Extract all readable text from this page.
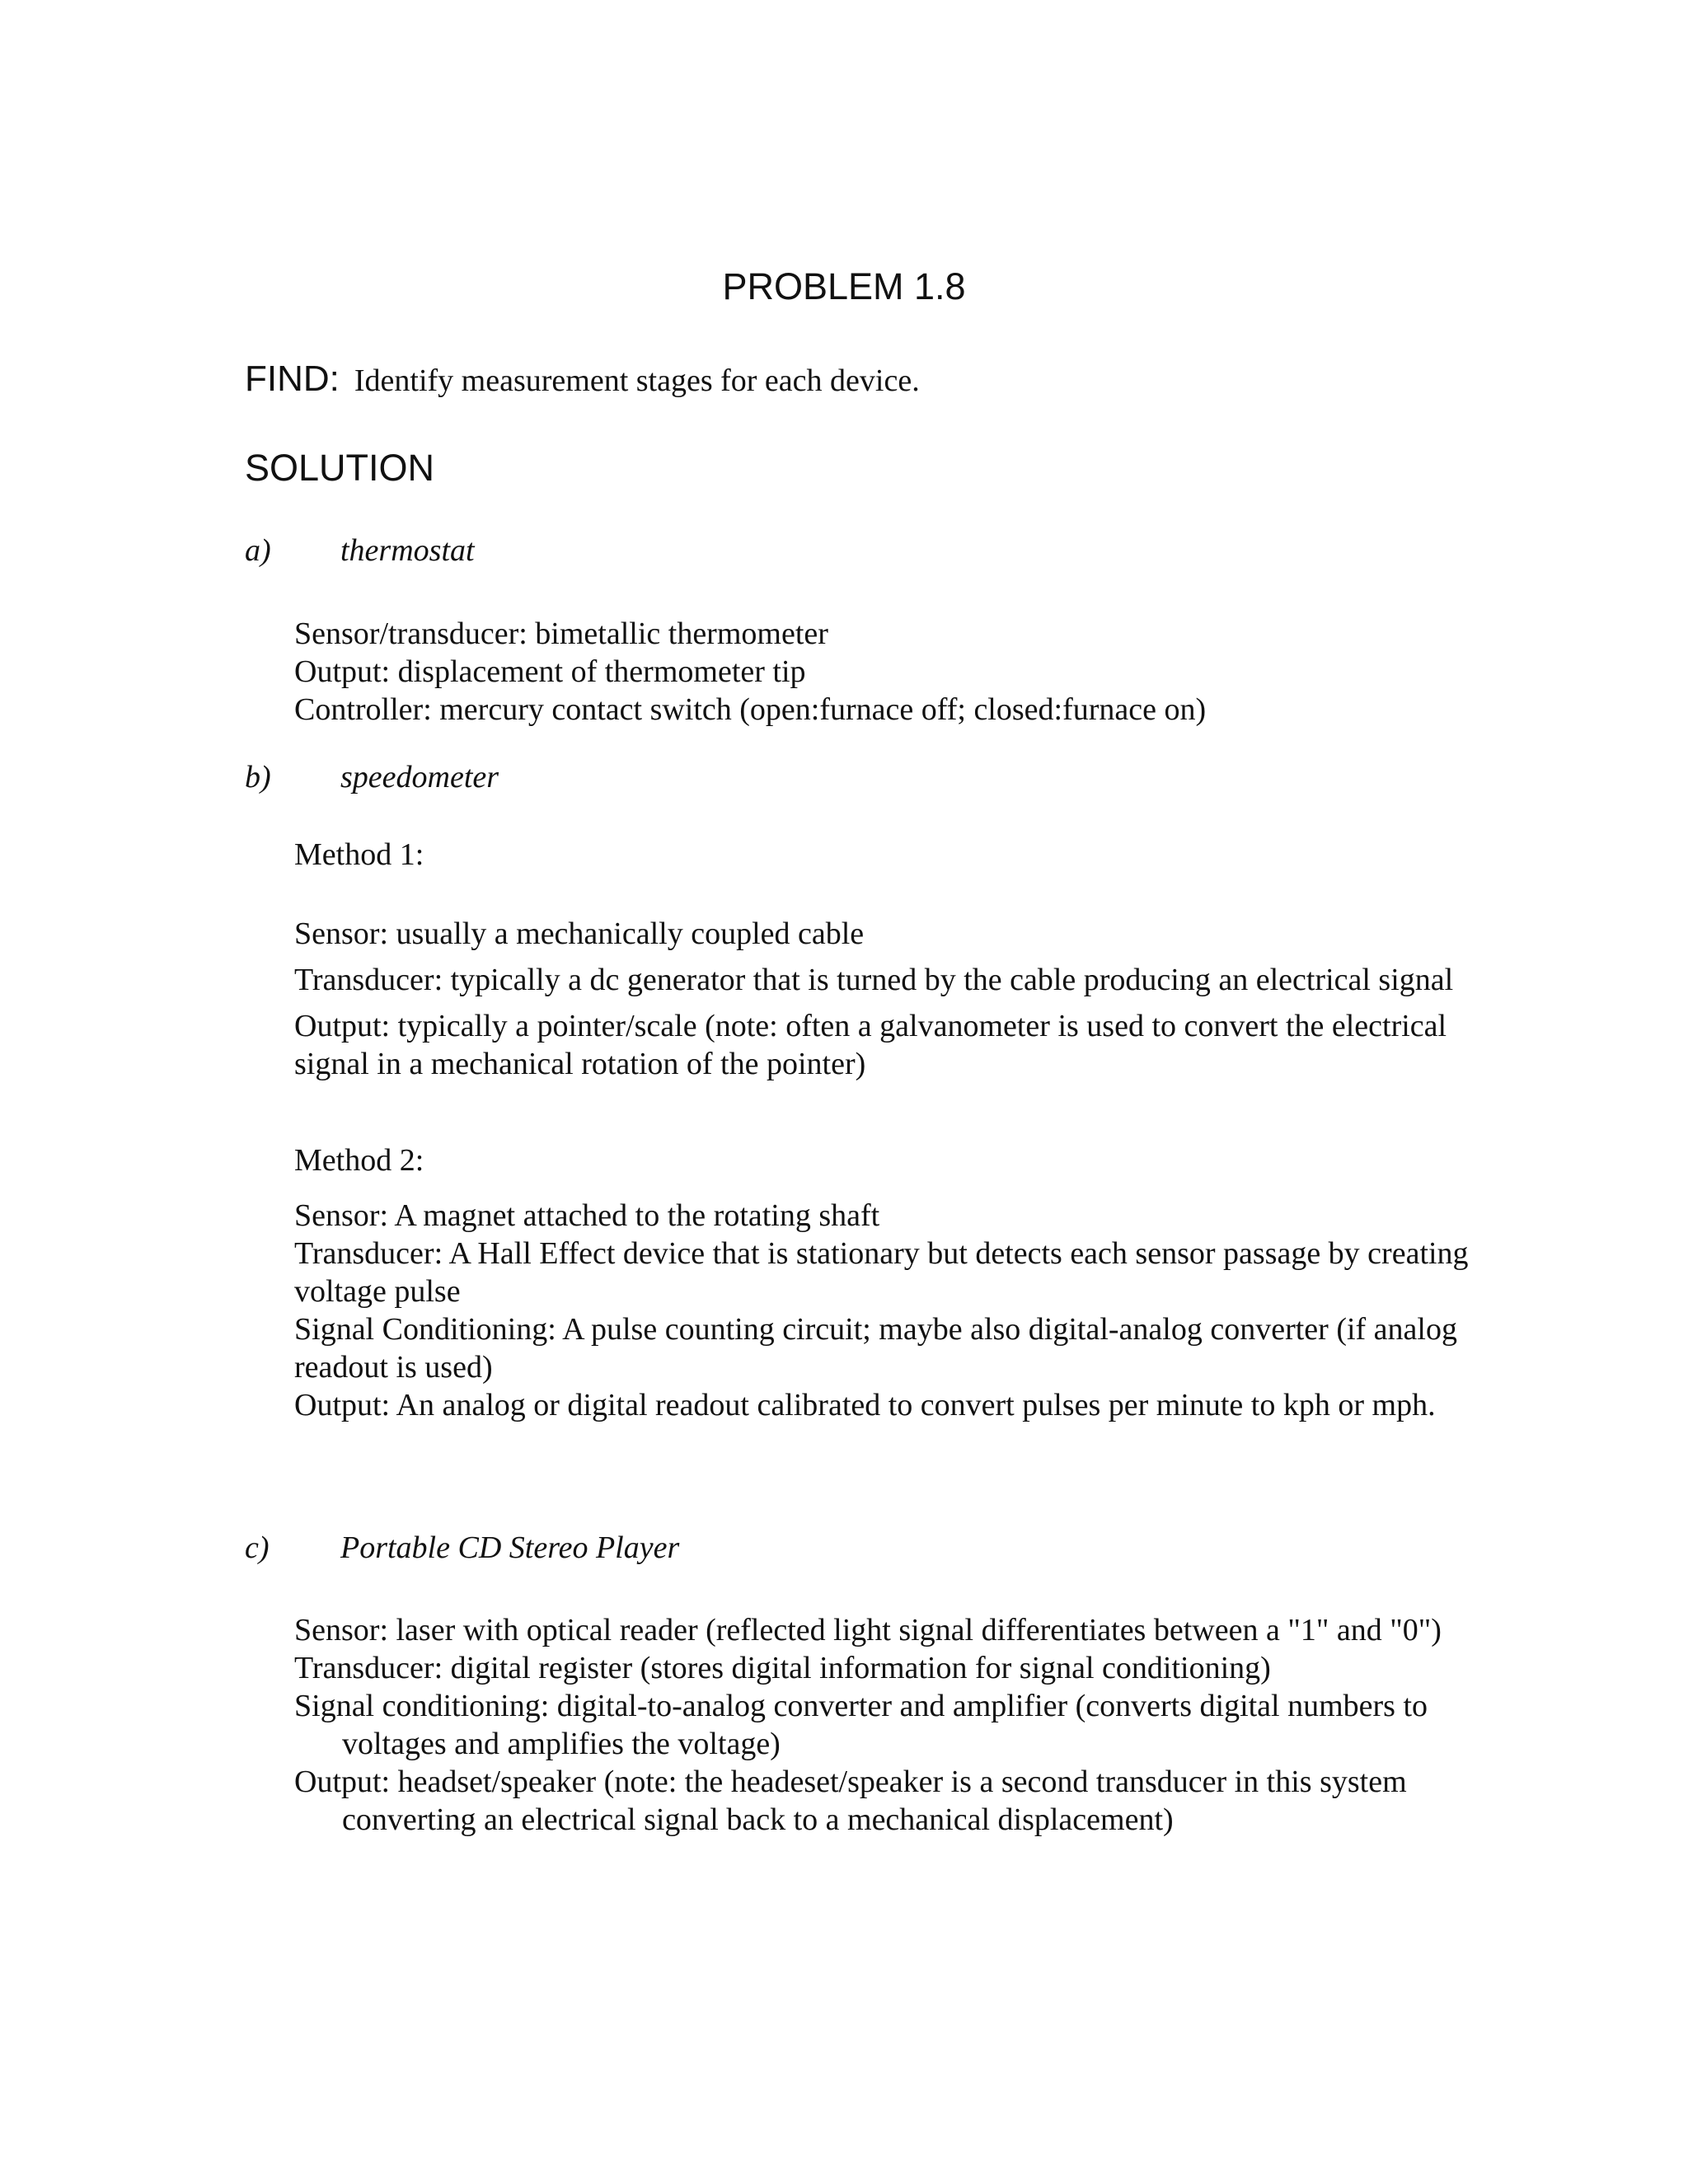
PROBLEM 1.8
FIND: Identify measurement stages for each device.
SOLUTION
a) thermostat

Sensor/transducer: bimetallic thermometer

Output: displacement of thermometer tip

Controller: mercury contact switch (open:furnace off; closed:furnace on)

b) speedometer
Method 1:

Sensor: usually a mechanically coupled cable

Transducer: typically a dc generator that is turned by the cable producing an electrical signal

Output: typically a pointer/scale (note: often a galvanometer is used to convert the electrical signal in a mechanical rotation of the pointer)

Method 2:

Sensor: A magnet attached to the rotating shaft

Transducer: A Hall Effect device that is stationary but detects each sensor passage by creating voltage pulse

Signal Conditioning: A pulse counting circuit; maybe also digital-analog converter (if analog readout is used)

Output: An analog or digital readout calibrated to convert pulses per minute to kph or mph.

c) Portable CD Stereo Player

Sensor: laser with optical reader (reflected light signal differentiates between a "1" and "0")

Transducer: digital register (stores digital information for signal conditioning)

Signal conditioning: digital-to-analog converter and amplifier (converts digital numbers to voltages and amplifies the voltage)

Output: headset/speaker (note: the headeset/speaker is a second transducer in this system converting an electrical signal back to a mechanical displacement)
